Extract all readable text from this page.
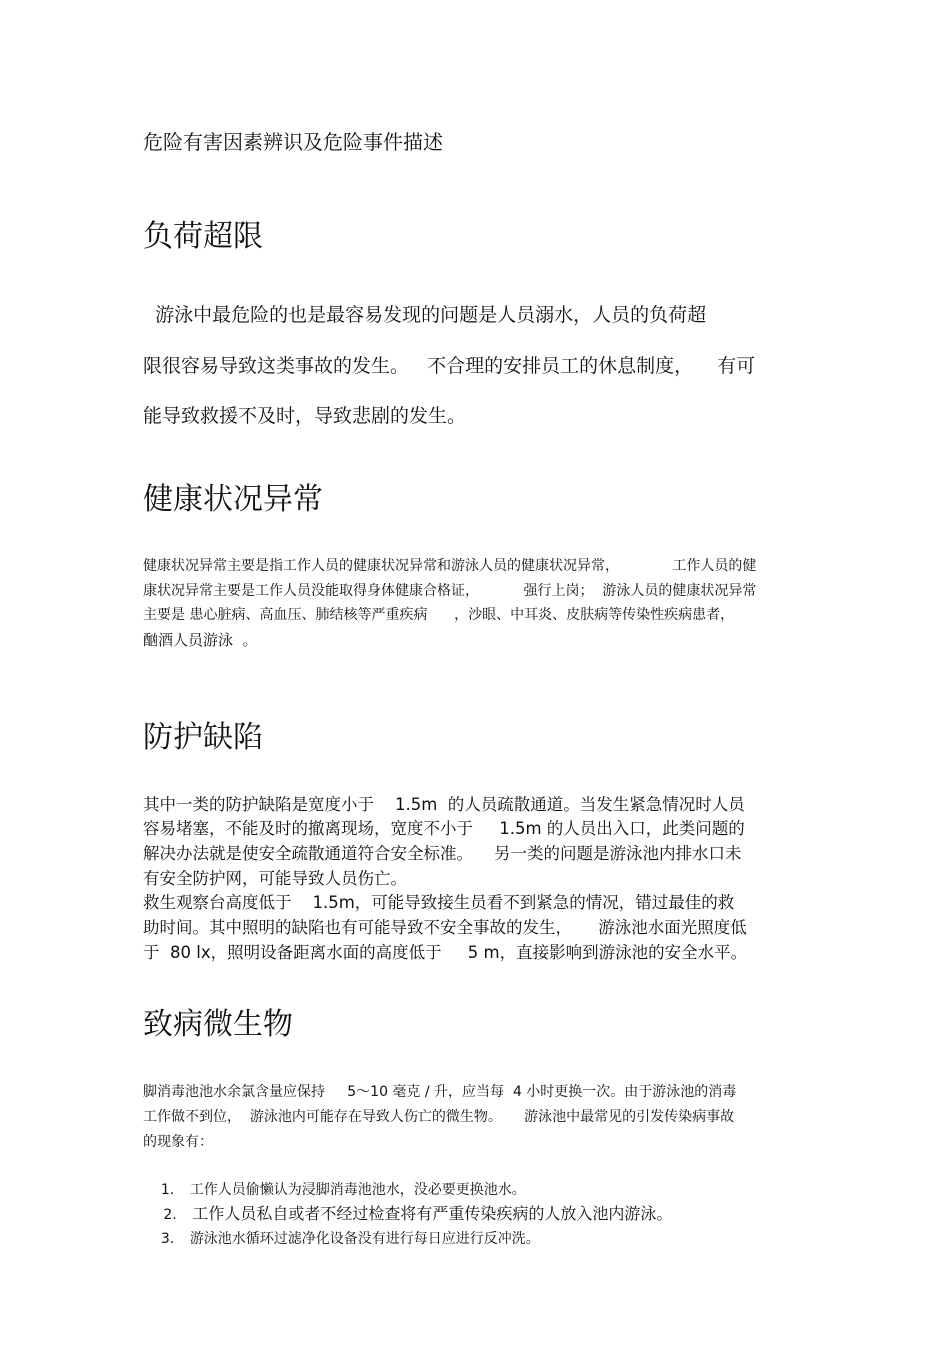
危险有害因素辨识及危险事件描述
负荷超限
游泳中最危险的也是最容易发现的问题是人员溺水，人员的负荷超
限很容易导致这类事故的发生。   不合理的安排员工的休息制度，    有可
能导致救援不及时，导致悲剧的发生。
健康状况异常
健康状况异常主要是指工作人员的健康状况异常和游泳人员的健康状况异常，            工作人员的健
康状况异常主要是工作人员没能取得身体健康合格证，          强行上岗；  游泳人员的健康状况异常
主要是 患心脏病、高血压、肺结核等严重疾病      ，沙眼、中耳炎、皮肤病等传染性疾病患者，
酗酒人员游泳  。
防护缺陷
其中一类的防护缺陷是宽度小于    1.5m  的人员疏散通道。当发生紧急情况时人员
容易堵塞，不能及时的撤离现场，宽度不小于     1.5m 的人员出入口，此类问题的
解决办法就是使安全疏散通道符合安全标准。    另一类的问题是游泳池内排水口未
有安全防护网，可能导致人员伤亡。
救生观察台高度低于    1.5m，可能导致接生员看不到紧急的情况，错过最佳的救
助时间。其中照明的缺陷也有可能导致不安全事故的发生，     游泳池水面光照度低
于  80 lx，照明设备距离水面的高度低于     5 m，直接影响到游泳池的安全水平。
致病微生物
脚消毒池池水余氯含量应保持     5～10 毫克 / 升，应当每  4 小时更换一次。由于游泳池的消毒
工作做不到位，  游泳池内可能存在导致人伤亡的微生物。     游泳池中最常见的引发传染病事故
的现象有：

1. 工作人员偷懒认为浸脚消毒池池水，没必要更换池水。

2. 工作人员私自或者不经过检查将有严重传染疾病的人放入池内游泳。

3. 游泳池水循环过滤净化设备没有进行每日应进行反冲洗。
